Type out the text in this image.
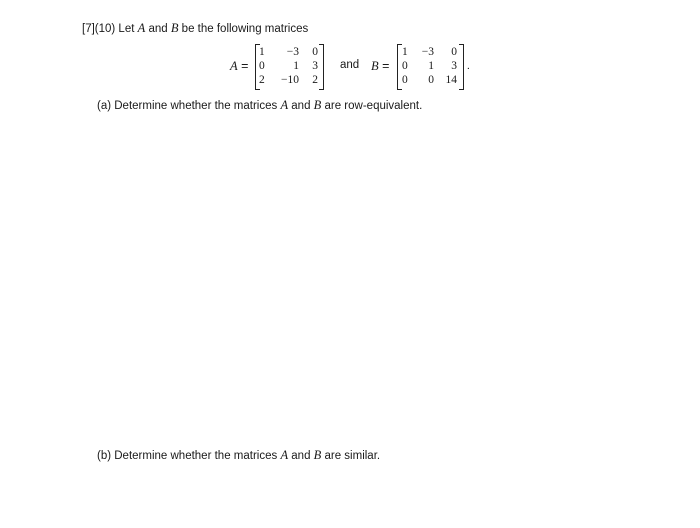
[7](10) Let A and B be the following matrices
A =
1	−3	0
0	1	3
2	−10	2
and B =
1	−3	0
0	1	3
0	0	14
.
(a) Determine whether the matrices A and B are row-equivalent.
(b) Determine whether the matrices A and B are similar.
